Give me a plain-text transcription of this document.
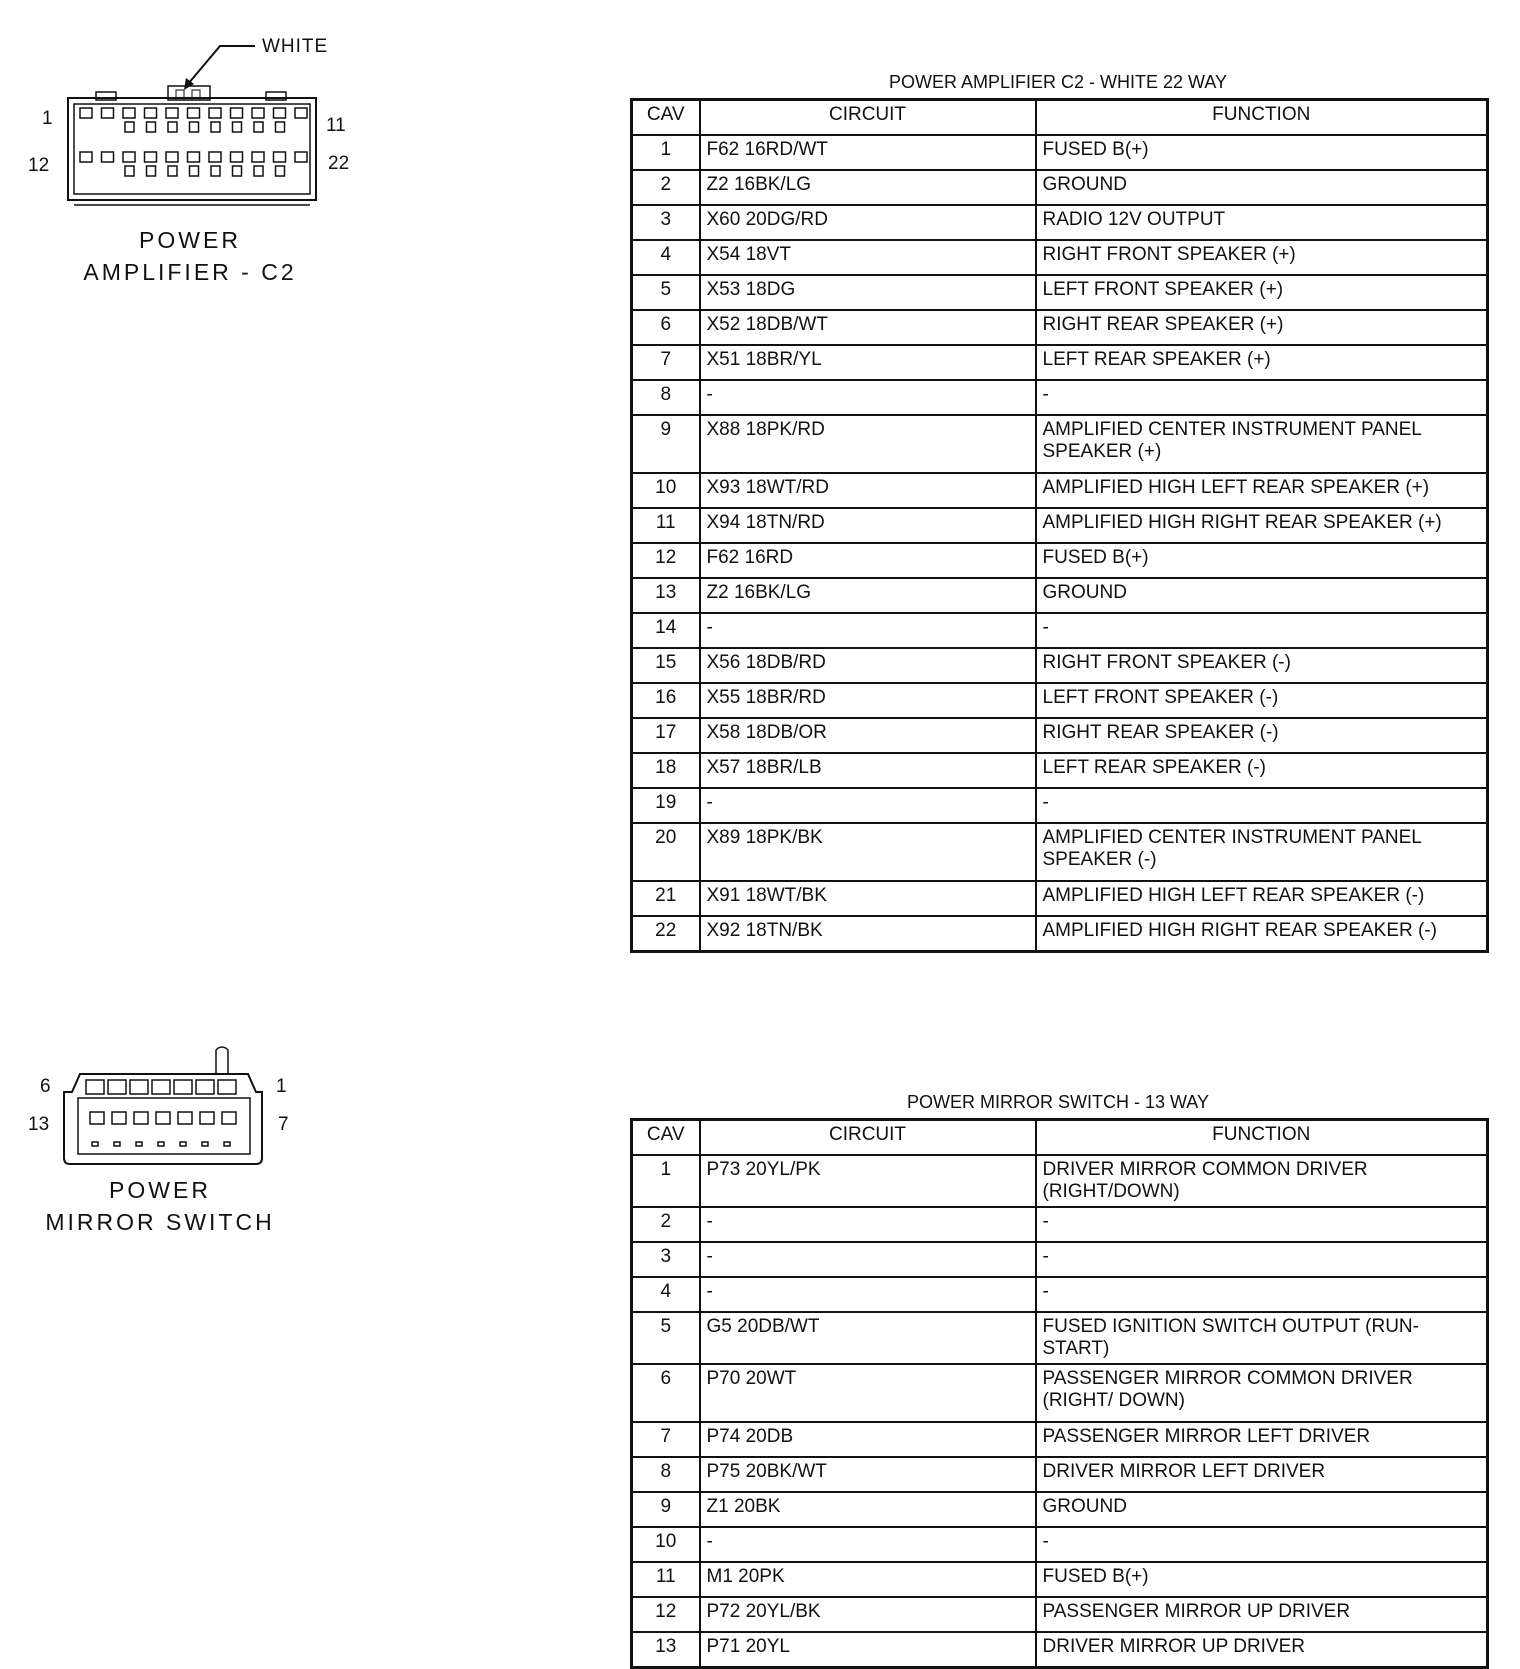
WHITE
1	11
12	22
POWER
AMPLIFIER - C2
POWER AMPLIFIER C2 - WHITE 22 WAY
CAV	CIRCUIT	FUNCTION
1	F62 16RD/WT	FUSED B(+)
2	Z2 16BK/LG	GROUND
3	X60 20DG/RD	RADIO 12V OUTPUT
4	X54 18VT	RIGHT FRONT SPEAKER (+)
5	X53 18DG	LEFT FRONT SPEAKER (+)
6	X52 18DB/WT	RIGHT REAR SPEAKER (+)
7	X51 18BR/YL	LEFT REAR SPEAKER (+)
8	-	-
9	X88 18PK/RD	AMPLIFIED CENTER INSTRUMENT PANEL SPEAKER (+)
10	X93 18WT/RD	AMPLIFIED HIGH LEFT REAR SPEAKER (+)
11	X94 18TN/RD	AMPLIFIED HIGH RIGHT REAR SPEAKER (+)
12	F62 16RD	FUSED B(+)
13	Z2 16BK/LG	GROUND
14	-	-
15	X56 18DB/RD	RIGHT FRONT SPEAKER (-)
16	X55 18BR/RD	LEFT FRONT SPEAKER (-)
17	X58 18DB/OR	RIGHT REAR SPEAKER (-)
18	X57 18BR/LB	LEFT REAR SPEAKER (-)
19	-	-
20	X89 18PK/BK	AMPLIFIED CENTER INSTRUMENT PANEL SPEAKER (-)
21	X91 18WT/BK	AMPLIFIED HIGH LEFT REAR SPEAKER (-)
22	X92 18TN/BK	AMPLIFIED HIGH RIGHT REAR SPEAKER (-)
6	1
13	7
POWER
MIRROR SWITCH
POWER MIRROR SWITCH - 13 WAY
CAV	CIRCUIT	FUNCTION
1	P73 20YL/PK	DRIVER MIRROR COMMON DRIVER (RIGHT/DOWN)
2	-	-
3	-	-
4	-	-
5	G5 20DB/WT	FUSED IGNITION SWITCH OUTPUT (RUN-START)
6	P70 20WT	PASSENGER MIRROR COMMON DRIVER (RIGHT/ DOWN)
7	P74 20DB	PASSENGER MIRROR LEFT DRIVER
8	P75 20BK/WT	DRIVER MIRROR LEFT DRIVER
9	Z1 20BK	GROUND
10	-	-
11	M1 20PK	FUSED B(+)
12	P72 20YL/BK	PASSENGER MIRROR UP DRIVER
13	P71 20YL	DRIVER MIRROR UP DRIVER
